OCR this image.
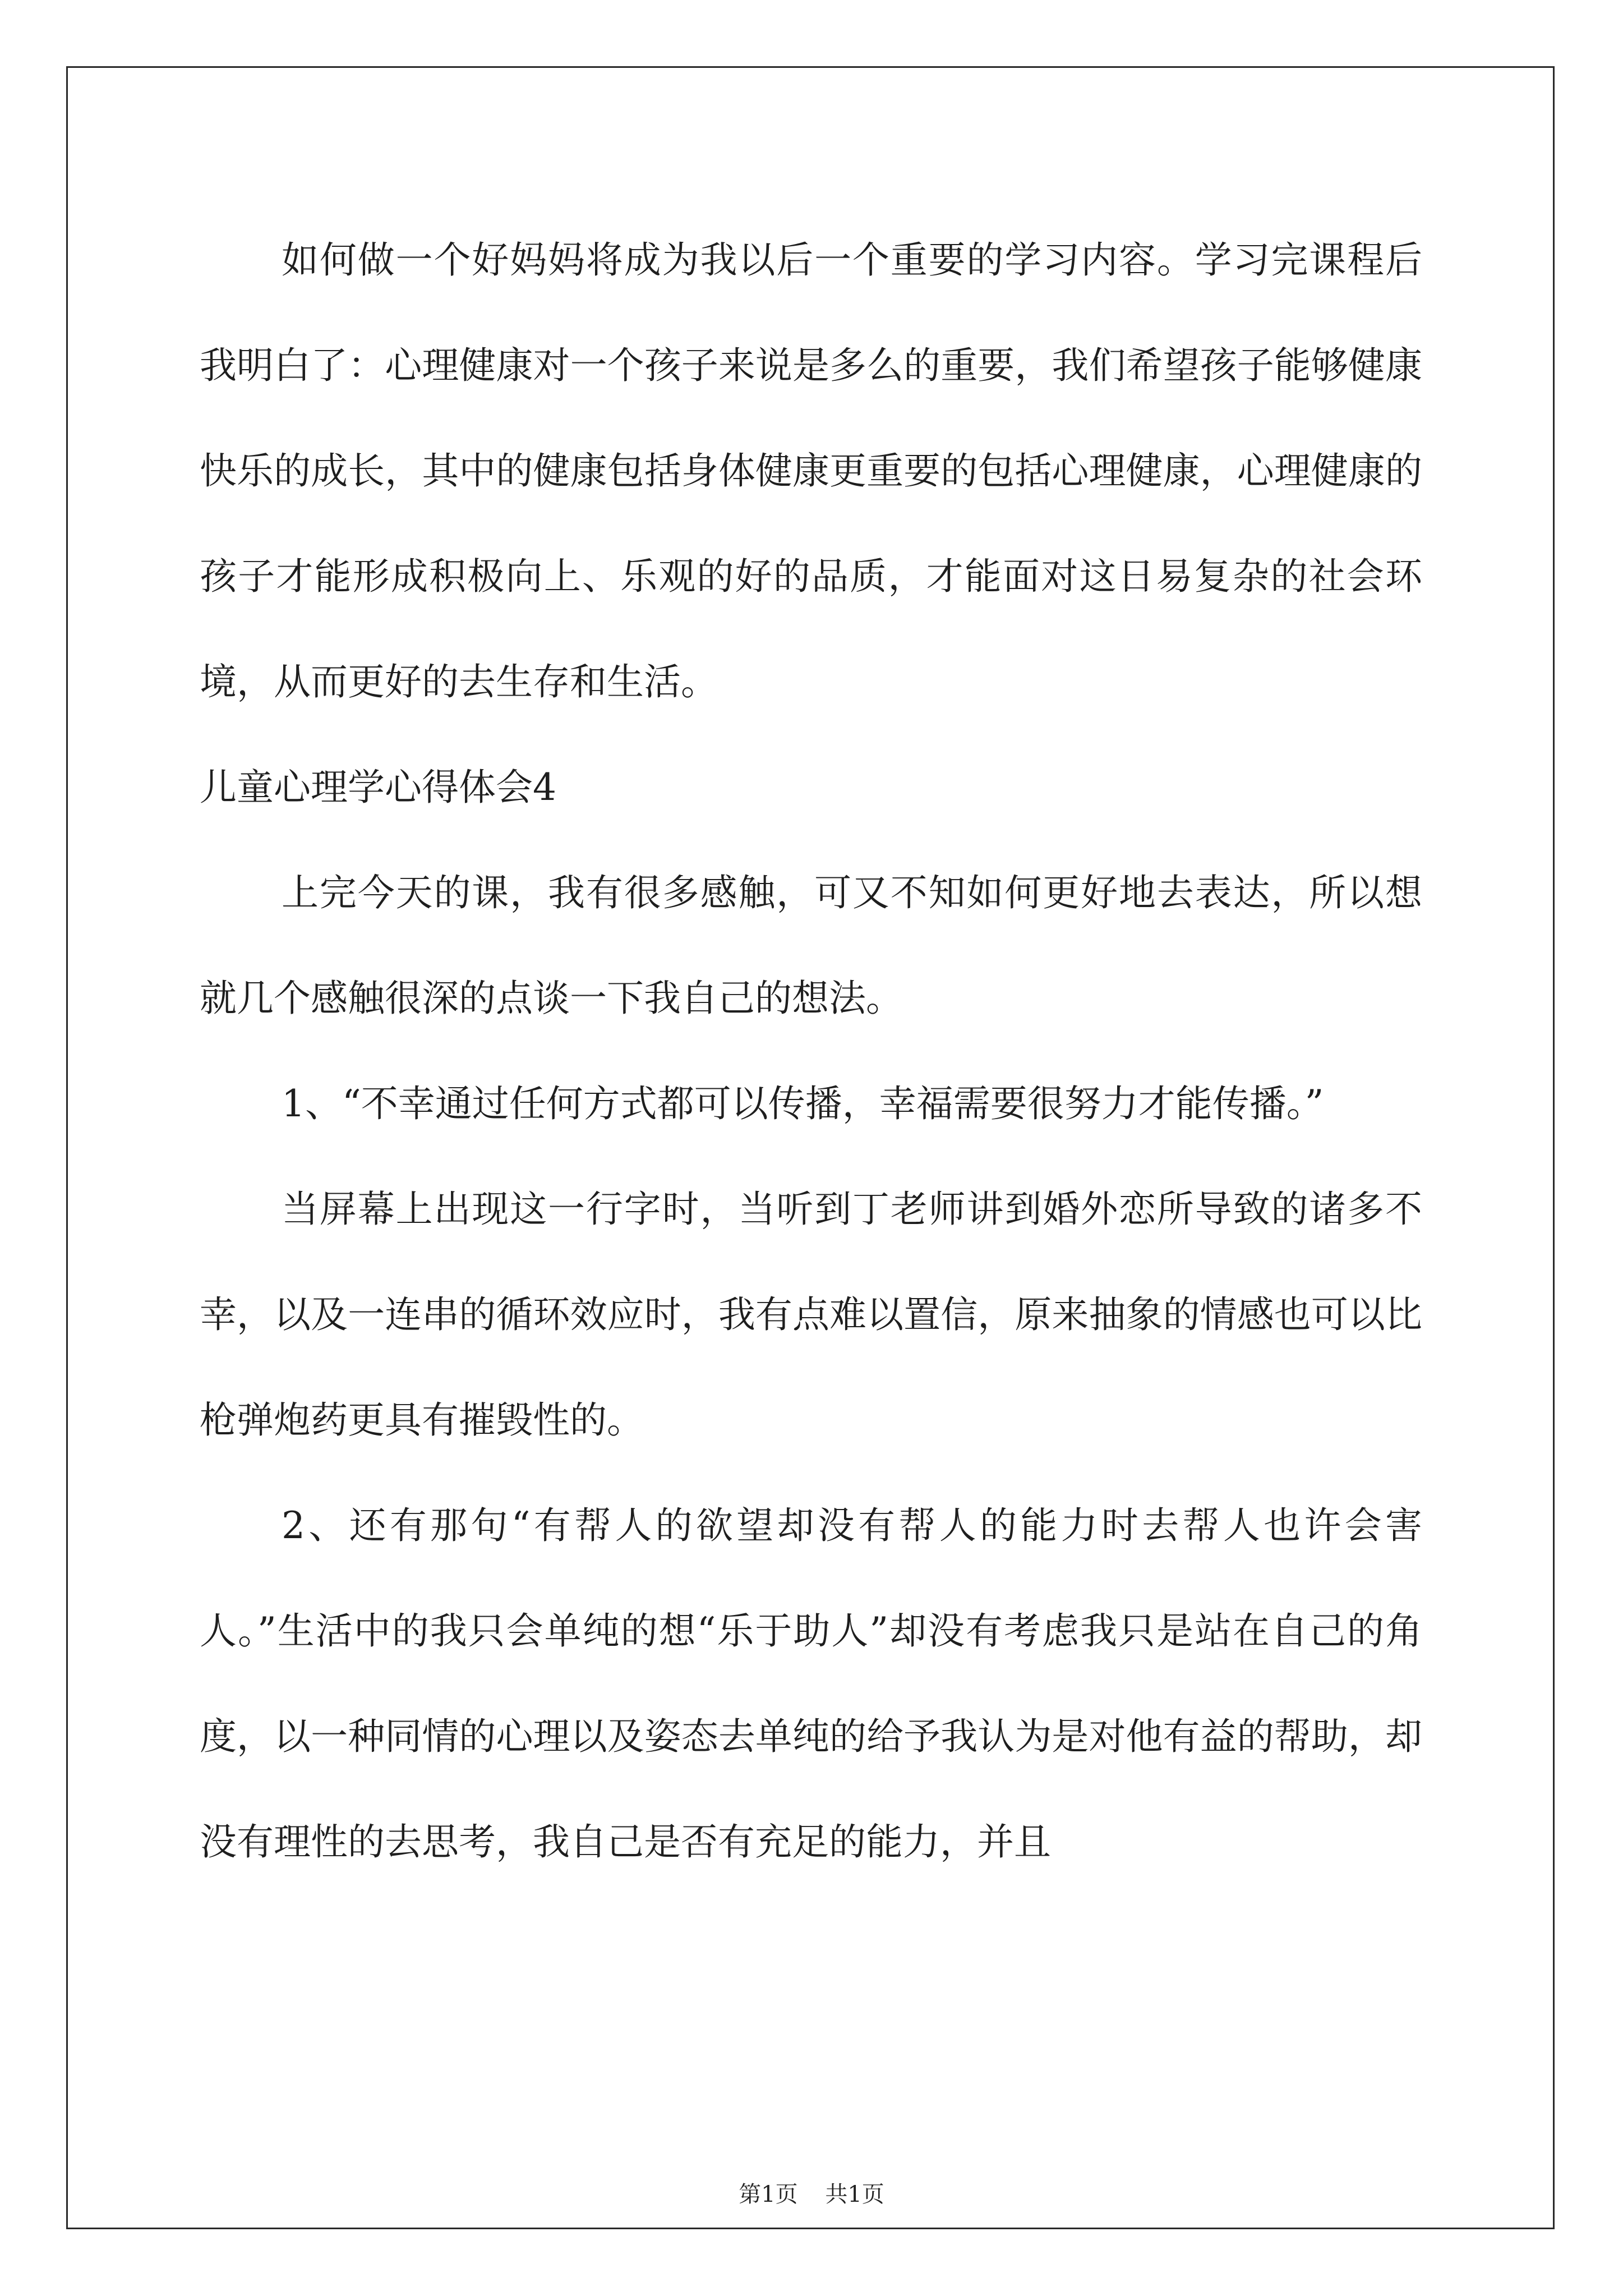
如何做一个好妈妈将成为我以后一个重要的学习内容。学习完课程后我明白了：心理健康对一个孩子来说是多么的重要，我们希望孩子能够健康快乐的成长，其中的健康包括身体健康更重要的包括心理健康，心理健康的孩子才能形成积极向上、乐观的好的品质，才能面对这日易复杂的社会环境，从而更好的去生存和生活。

儿童心理学心得体会4

上完今天的课，我有很多感触，可又不知如何更好地去表达，所以想就几个感触很深的点谈一下我自己的想法。

1、“不幸通过任何方式都可以传播，幸福需要很努力才能传播。”

当屏幕上出现这一行字时，当听到丁老师讲到婚外恋所导致的诸多不幸，以及一连串的循环效应时，我有点难以置信，原来抽象的情感也可以比枪弹炮药更具有摧毁性的。

2、还有那句“有帮人的欲望却没有帮人的能力时去帮人也许会害人。”生活中的我只会单纯的想“乐于助人”却没有考虑我只是站在自己的角度，以一种同情的心理以及姿态去单纯的给予我认为是对他有益的帮助，却没有理性的去思考，我自己是否有充足的能力，并且

第1页 共1页
